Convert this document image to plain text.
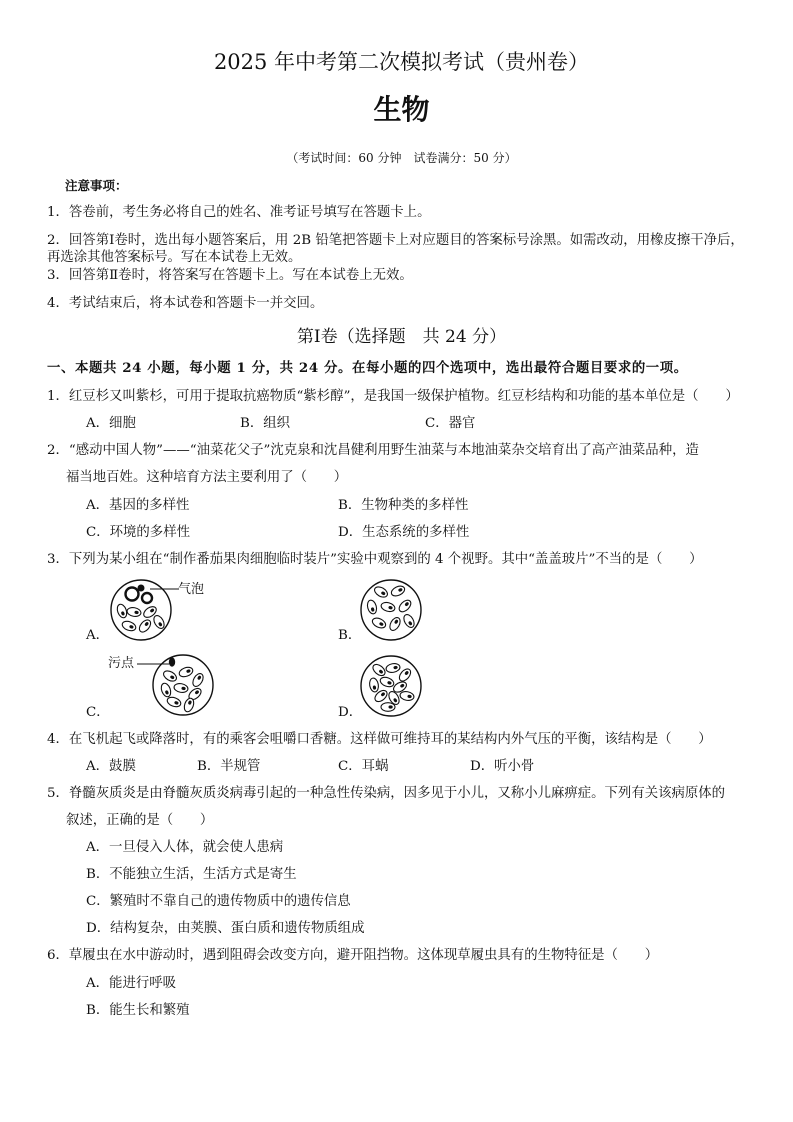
2025 年中考第二次模拟考试（贵州卷）
生物
（考试时间：60 分钟　试卷满分：50 分）
注意事项：
1．答卷前，考生务必将自己的姓名、准考证号填写在答题卡上。
2．回答第Ⅰ卷时，选出每小题答案后，用 2B 铅笔把答题卡上对应题目的答案标号涂黑。如需改动，用橡皮擦干净后，
再选涂其他答案标号。写在本试卷上无效。
3．回答第Ⅱ卷时，将答案写在答题卡上。写在本试卷上无效。
4．考试结束后，将本试卷和答题卡一并交回。
第Ⅰ卷（选择题　共 24 分）
一、本题共 24 小题，每小题 1 分，共 24 分。在每小题的四个选项中，选出最符合题目要求的一项。
1．红豆杉又叫紫杉，可用于提取抗癌物质“紫杉醇”，是我国一级保护植物。红豆杉结构和功能的基本单位是（　　）
A．细胞	B．组织	C．器官
2．“感动中国人物”——“油菜花父子”沈克泉和沈昌健利用野生油菜与本地油菜杂交培育出了高产油菜品种，造
福当地百姓。这种培育方法主要利用了（　　）
A．基因的多样性	B．生物种类的多样性
C．环境的多样性	D．生态系统的多样性
3．下列为某小组在“制作番茄果肉细胞临时装片”实验中观察到的 4 个视野。其中“盖盖玻片”不当的是（　　）
气泡
A．	B．
污点
C．	D．
4．在飞机起飞或降落时，有的乘客会咀嚼口香糖。这样做可维持耳的某结构内外气压的平衡，该结构是（　　）
A．鼓膜	B．半规管	C．耳蜗	D．听小骨
5．脊髓灰质炎是由脊髓灰质炎病毒引起的一种急性传染病，因多见于小儿，又称小儿麻痹症。下列有关该病原体的
叙述，正确的是（　　）
A．一旦侵入人体，就会使人患病
B．不能独立生活，生活方式是寄生
C．繁殖时不靠自己的遗传物质中的遗传信息
D．结构复杂，由荚膜、蛋白质和遗传物质组成
6．草履虫在水中游动时，遇到阻碍会改变方向，避开阻挡物。这体现草履虫具有的生物特征是（　　）
A．能进行呼吸
B．能生长和繁殖
